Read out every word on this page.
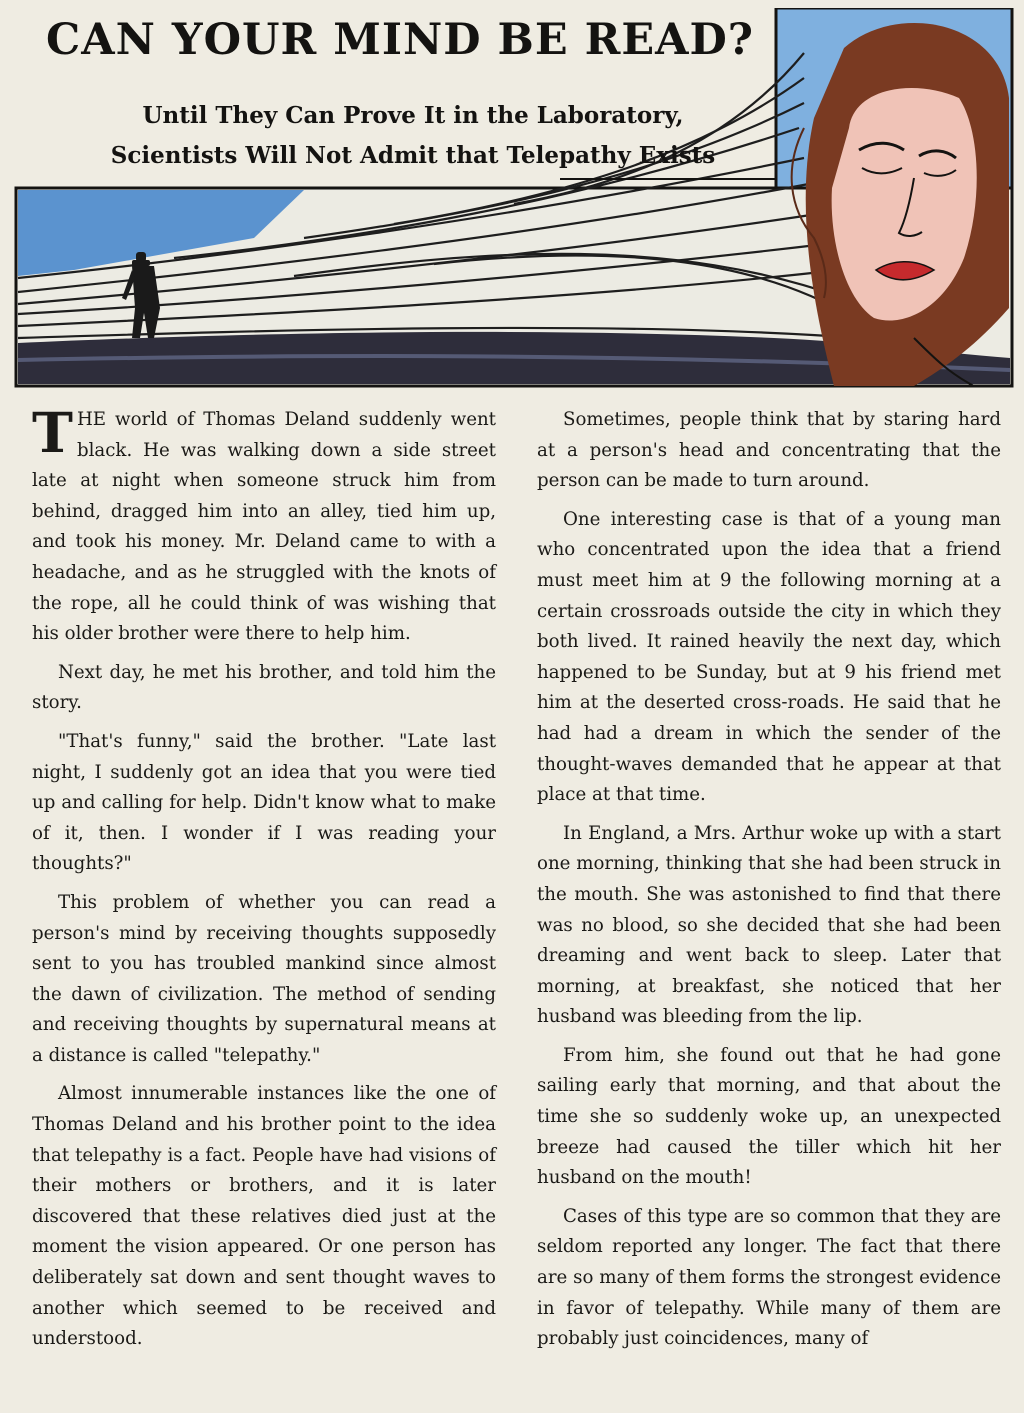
CAN YOUR MIND BE READ?
Until They Can Prove It in the Laboratory,
Scientists Will Not Admit that Telepathy Exists

THE world of Thomas Deland suddenly went black. He was walking down a side street late at night when someone struck him from behind, dragged him into an alley, tied him up, and took his money. Mr. Deland came to with a headache, and as he struggled with the knots of the rope, all he could think of was wishing that his older brother were there to help him.

Next day, he met his brother, and told him the story.

"That's funny," said the brother. "Late last night, I suddenly got an idea that you were tied up and calling for help. Didn't know what to make of it, then. I wonder if I was reading your thoughts?"

This problem of whether you can read a person's mind by receiving thoughts supposedly sent to you has troubled mankind since almost the dawn of civilization. The method of sending and receiving thoughts by supernatural means at a distance is called "telepathy."

Almost innumerable instances like the one of Thomas Deland and his brother point to the idea that telepathy is a fact. People have had visions of their mothers or brothers, and it is later discovered that these relatives died just at the moment the vision appeared. Or one person has deliberately sat down and sent thought waves to another which seemed to be received and understood.

Sometimes, people think that by staring hard at a person's head and concentrating that the person can be made to turn around.

One interesting case is that of a young man who concentrated upon the idea that a friend must meet him at 9 the following morning at a certain crossroads outside the city in which they both lived. It rained heavily the next day, which happened to be Sunday, but at 9 his friend met him at the deserted cross-roads. He said that he had had a dream in which the sender of the thought-waves demanded that he appear at that place at that time.

In England, a Mrs. Arthur woke up with a start one morning, thinking that she had been struck in the mouth. She was astonished to find that there was no blood, so she decided that she had been dreaming and went back to sleep. Later that morning, at breakfast, she noticed that her husband was bleeding from the lip.

From him, she found out that he had gone sailing early that morning, and that about the time she so suddenly woke up, an unexpected breeze had caused the tiller which hit her husband on the mouth!

Cases of this type are so common that they are seldom reported any longer. The fact that there are so many of them forms the strongest evidence in favor of telepathy. While many of them are probably just coincidences, many of
